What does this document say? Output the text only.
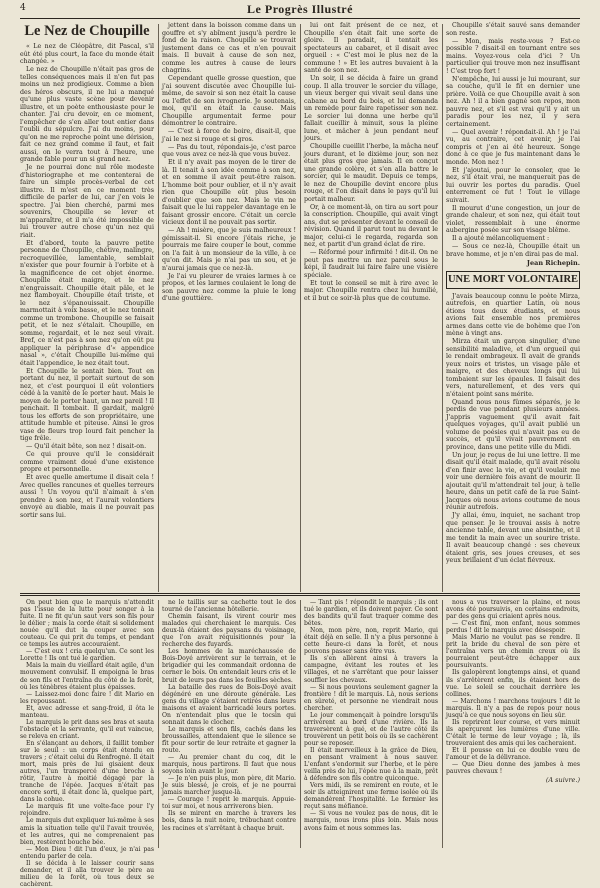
4	Le Progrès Illustré
Le Nez de Choupille

« Le nez de Cléopâtre, dit Pascal, s'il eût été plus court, la face du monde était changée. »

Le nez de Choupille n'était pas gros de telles conséquences mais il n'en fut pas moins un nez prodigieux. Comme a bien des héros obscurs, il ne lui a manqué qu'une plus vaste scène pour devenir illustre, et un poète enthousiaste pour le chanter. J'ai cru devoir, en ce moment, l'empêcher de s'en aller tout entier dans l'oubli du sépulcre. J'ai du moins, pour qu'on ne me reproche point une dérision, fait ce nez grand comme il faut, et fait aussi, on le verra tout à l'heure, une grande fable pour un si grand nez.

Je ne pourrai donc nul rôle modeste d'historiographe et me contenterai de faire un simple procès-verbal de cet illustre. Il m'est en ce moment très difficile de parler de lui, car j'en vois le spectre. J'ai bien cherché, parmi mes souvenirs, Choupille se lever et m'apparaître, et il m'a été impossible de lui trouver autre chose qu'un nez qui riait.

Et d'abord, toute la pauvre petite personne de Choupille, chétive, malingre, recroquevillée, lamentable, semblait n'exister que pour fournir à l'orbite et à la magnificence de cet objet énorme. Choupille était maigre, et le nez n'engraissait. Choupille était pâle, et le nez flamboyait. Choupille était triste, et le nez s'épanouissait. Choupille marmottait à voix basse, et le nez tonnait comme un trombone. Choupille se faisait petit, et le nez s'étalait. Choupille, en somme, regardait, et le nez seul vivait. Bref, ce n'est pas à son nez qu'on eût pu appliquer la périphrase d'« appendice nasal », c'était Choupille lui-même qui était l'appendice, le nez était tout.

Et Choupille le sentait bien. Tout en portant du nez, il portait surtout de son nez, et c'est pourquoi il eût volontiers cédé à la vanité de le porter haut. Mais le moyen de le porter haut, un nez pareil ! Il penchait. Il tombait. Il gardait, malgré tous les efforts de son propriétaire, une attitude humble et piteuse. Ainsi le gros vase de fleurs trop lourd fait pencher la tige frêle.

— Qu'il était bête, son nez ! disait-on.

Ce qui prouve qu'il le considérait comme vraiment doué d'une existence propre et personnelle.

Et avec quelle amertume il disait cela ! Avec quelles rancunes et quelles terreurs aussi ! Un voyou qu'il n'aimait à s'en prendre à son nez, et l'aurait volontiers envoyé au diable, mais il ne pouvait pas sortir sans lui.

jettent dans la boisson comme dans un gouffre et s'y abîment jusqu'à perdre le fond de la raison. Choupille se trouvait justement dans ce cas et n'en pouvait mais. Il buvait à cause de son nez, comme les autres à cause de leurs chagrins.

Cependant quelle grosse question, que j'ai souvent discutée avec Choupille lui-même, de savoir si son nez était la cause ou l'effet de son ivrognerie. Je soutenais, moi, qu'il en était la cause. Mais Choupille argumentait ferme pour démontrer le contraire.

— C'est à force de boire, disait-il, que j'ai le nez si rouge et si gros.

— Pas du tout, répondais-je, c'est parce que vous avez ce nez-là que vous buvez.

Et il n'y avait pas moyen de le tirer de là. Il tenait à son idée comme à son nez, et en somme il avait peut-être raison. L'homme boit pour oublier, et il n'y avait rien que Choupille eût plus besoin d'oublier que son nez. Mais le vin ne faisait que le lui rappeler davantage en le faisant grossir encore. C'était un cercle vicieux dont il ne pouvait pas sortir.

— Ah ! misère, que je suis malheureux ! gémissait-il. Si encore j'étais riche, je pourrais me faire couper le bout, comme on l'a fait à un monsieur de la ville, à ce qu'on dit. Mais je n'ai pas un sou, et je n'aurai jamais que ce nez-là.

Je l'ai vu pleurer de vraies larmes à ce propos, et les larmes coulaient le long de son pauvre nez comme la pluie le long d'une gouttière.

lui ont fait présent de ce nez, et Choupille s'en était fait une sorte de gloire. Il paradait, il tentait les spectateurs au cabaret, et il disait avec orgueil : « C'est moi le plus nez de la commune ! » Et les autres buvaient à la santé de son nez.

Un soir, il se décida à faire un grand coup. Il alla trouver le sorcier du village, un vieux berger qui vivait seul dans une cabane au bord du bois, et lui demanda un remède pour faire rapetisser son nez. Le sorcier lui donna une herbe qu'il fallait cueillir à minuit, sous la pleine lune, et mâcher à jeun pendant neuf jours.

Choupille cueillit l'herbe, la mâcha neuf jours durant, et le dixième jour, son nez était plus gros que jamais. Il en conçut une grande colère, et s'en alla battre le sorcier, qui le maudit. Depuis ce temps, le nez de Choupille devint encore plus rouge, et l'on disait dans le pays qu'il lui portait malheur.

Or, à ce moment-là, on tira au sort pour la conscription. Choupille, qui avait vingt ans, dut se présenter devant le conseil de révision. Quand il parut tout nu devant le major, celui-ci le regarda, regarda son nez, et partit d'un grand éclat de rire.

— Réformé pour infirmité ! dit-il. On ne peut pas mettre un nez pareil sous le képi, il faudrait lui faire faire une visière spéciale.

Et tout le conseil se mit à rire avec le major. Choupille rentra chez lui humilié, et il but ce soir-là plus que de coutume.

Choupille s'était sauvé sans demander son reste.

— Mon, mais reste-vous ? Est-ce possible ? disait-il en tournant entre ses mains. Voyez-vous cela d'ici ? Un particulier qui trouve mon nez insuffisant ! C'est trop fort !

N'empêche, lui aussi je lui mourant, sur sa couche, qu'il le fit en dernier une prière. Voilà ce que Choupille avait à son nez. Ah ! il a bien gagné son repos, mon pauvre nez, et s'il est vrai qu'il y ait un paradis pour les nez, il y sera certainement.

— Quel avenir ! répondait-il. Ah ! je l'ai vu, au contraire, cet avenir, je l'ai compris et j'en ai été heureux. Songe donc à ce que je fus maintenant dans le monde. Mon nez !

Et j'ajoutai, pour le consoler, que le nez, s'il était vrai, ne manquerait pas de lui ouvrir les portes du paradis. Quel enterrement ce fut ! Tout le village suivait.

Il mourut d'une congestion, un jour de grande chaleur, et son nez, qui était tout violet, ressemblait à une énorme aubergine posée sur son visage blême.

Il a ajouté mélancoliquement :

— Sous ce nez-là, Choupille était un brave homme, et je n'en dirai pas de mal.

Jean Richepin.

UNE MORT VOLONTAIRE

J'avais beaucoup connu le poète Mirza, autrefois, en quartier Latin, où nous étions tous deux étudiants, et nous avions fait ensemble nos premières armes dans cette vie de bohème que l'on mène à vingt ans.

Mirza était un garçon singulier, d'une sensibilité maladive, et d'un orgueil qui le rendait ombrageux. Il avait de grands yeux noirs et tristes, un visage pâle et maigre, et des cheveux longs qui lui tombaient sur les épaules. Il faisait des vers, naturellement, et des vers qui n'étaient point sans mérite.

Quand nous nous fûmes séparés, je le perdis de vue pendant plusieurs années. J'appris vaguement qu'il avait fait quelques voyages, qu'il avait publié un volume de poésies qui n'avait pas eu de succès, et qu'il vivait pauvrement en province, dans une petite ville du Midi.

Un jour, je reçus de lui une lettre. Il me disait qu'il était malade, qu'il avait résolu d'en finir avec la vie, et qu'il voulait me voir une dernière fois avant de mourir. Il ajoutait qu'il m'attendrait tel jour, à telle heure, dans un petit café de la rue Saint-Jacques où nous avions coutume de nous réunir autrefois.

J'y allai, ému, inquiet, ne sachant trop que penser. Je le trouvai assis à notre ancienne table, devant une absinthe, et il me tendit la main avec un sourire triste. Il avait beaucoup changé : ses cheveux étaient gris, ses joues creuses, et ses yeux brillaient d'un éclat fiévreux.

On peut bien que le marquis n'attendit pas l'issue de la lutte pour songer à la fuite. Il ne fit qu'un saut vers son fils pour le délier ; mais la corde était si solidement nouée qu'il dut la couper avec son couteau. Ce qui prit du temps, et pendant ce temps les autres accouraient.

— C'est eux ! cria quelqu'un. Ce sont les Lorette ! Ils ont tué le gardien.

Mais la main du vieillard était agile, d'un mouvement convulsif. Il empoigna le bras de son fils et l'entraîna du côté de la forêt, où les ténèbres étaient plus épaisses.

— Laissez-moi donc faire ! dit Mario en les repoussant.

Et, avec adresse et sang-froid, il ôta le manteau.

Le marquis le prit dans ses bras et sauta l'obstacle et la servante, qu'il eut vaincue, se releva en criant.

En s'élançant au dehors, il faillit tomber sur le seuil : un corps était étendu en travers ; c'était celui du Renfrogné. Il était mort, mais près de lui gisaient deux autres, l'un transpercé d'une broche à rôtir, l'autre à moitié dégagé par la tranche de l'épée. Jacques n'était pas encore sorti, il était donc là, quelque part, dans la cohue.

Le marquis fit une volte-face pour l'y rejoindre.

Le marquis dut expliquer lui-même à ses amis la situation telle qu'il l'avait trouvée, et les autres, qui ne comprenaient pas bien, restèrent bouche bée.

— Mon Dieu ! dit l'un d'eux, je n'ai pas entendu parler de cela.

Il se décida à le laisser courir sans demander, et il alla trouver le père au milieu de la forêt, où tous deux se cachèrent.

ne le taillis sur sa cachette tout le dos tourné de l'ancienne hôtellerie.

Chemin faisant, ils virent courir mes malades qui cherchaient le marquis. Ces deux-là étaient des paysans du voisinage, que l'on avait réquisitionnés pour la recherche des fuyards.

Les hommes de la maréchaussée de Bois-Doyé arrivèrent sur le terrain, et le brigadier qui les commandait ordonna de cerner le bois. On entendait leurs cris et le bruit de leurs pas dans les feuilles sèches.

La bataille des rues de Bois-Doyé avait dégénéré en une déroute générale. Les gens du village s'étaient retirés dans leurs maisons et avaient barricadé leurs portes. On n'entendait plus que le tocsin qui sonnait dans le clocher.

Le marquis et son fils, cachés dans les broussailles, attendaient que le silence se fît pour sortir de leur retraite et gagner la route.

— Au premier chant du coq, dit le marquis, nous partirons. Il faut que nous soyons loin avant le jour.

— Je n'en puis plus, mon père, dit Mario. Je suis blessé, je crois, et je ne pourrai jamais marcher jusque-là.

— Courage ! reprit le marquis. Appuie-toi sur moi, et nous arriverons bien.

Ils se mirent en marche à travers les bois, dans la nuit noire, trébuchant contre les racines et s'arrêtant à chaque bruit.

— Tant pis ! répondit le marquis ; ils ont tué le gardien, et ils doivent payer. Ce sont des bandits qu'il faut traquer comme des bêtes.

Non, mon père, non, reprit Mario, qui était déjà en selle. Il n'y a plus personne à cette heure-ci dans la forêt, et nous pouvons passer sans être vus.

Ils s'en allèrent ainsi à travers la campagne, évitant les routes et les villages, et ne s'arrêtant que pour laisser souffler les chevaux.

— Si nous pouvions seulement gagner la frontière ! dit le marquis. Là, nous serions en sûreté, et personne ne viendrait nous chercher.

Le jour commençait à poindre lorsqu'ils arrivèrent au bord d'une rivière. Ils la traversèrent à gué, et de l'autre côté ils trouvèrent un petit bois où ils se cachèrent pour se reposer.

Il était merveilleux à la grâce de Dieu, en pensant vraiment à nous sauver. L'enfant s'endormit sur l'herbe, et le père veilla près de lui, l'épée nue à la main, prêt à défendre son fils contre quiconque.

Vers midi, ils se remirent en route, et le soir ils atteignirent une ferme isolée où ils demandèrent l'hospitalité. Le fermier les reçut sans méfiance.

— Si vous ne voulez pas de nous, dit le marquis, nous irons plus loin. Mais nous avons faim et nous sommes las.

nous a vus traverser la plaine, et nous avons été poursuivis, en certains endroits, par des gens qui criaient après nous.

— C'est fini, mon enfant, nous sommes perdus ! dit le marquis avec désespoir.

Mais Mario ne voulut pas se rendre. Il prit la bride du cheval de son père et l'entraîna vers un chemin creux où ils pourraient peut-être échapper aux poursuivants.

Ils galopèrent longtemps ainsi, et quand ils s'arrêtèrent enfin, ils étaient hors de vue. Le soleil se couchait derrière les collines.

— Marchons ! marchons toujours ! dit le marquis. Il n'y a pas de repos pour nous jusqu'à ce que nous soyons en lieu sûr.

Ils reprirent leur course, et vers minuit ils aperçurent les lumières d'une ville. C'était le terme de leur voyage ; là, ils trouveraient des amis qui les cacheraient.

Et il pousse en lui ce double vœu de l'amour et de la délivrance.

— Que Dieu donne des jambes à mes pauvres chevaux !

(A suivre.)
